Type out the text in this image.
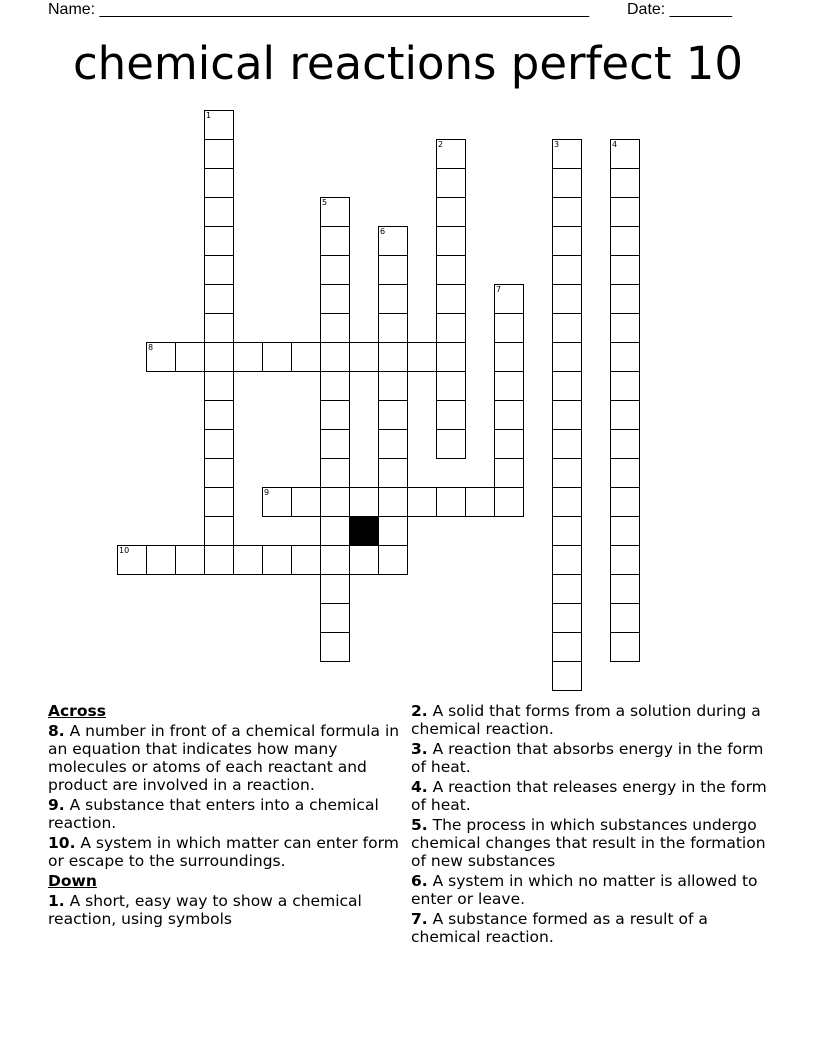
Name: _______________________________________________________ Date: _______
chemical reactions perfect 10
1
2	3	4
5
6
7
8
9
10
Across
8. A number in front of a chemical formula in an equation that indicates how many molecules or atoms of each reactant and product are involved in a reaction.
9. A substance that enters into a chemical reaction.
10. A system in which matter can enter form or escape to the surroundings.
Down
1. A short, easy way to show a chemical reaction, using symbols
2. A solid that forms from a solution during a chemical reaction.
3. A reaction that absorbs energy in the form of heat.
4. A reaction that releases energy in the form of heat.
5. The process in which substances undergo chemical changes that result in the formation of new substances
6. A system in which no matter is allowed to enter or leave.
7. A substance formed as a result of a chemical reaction.
